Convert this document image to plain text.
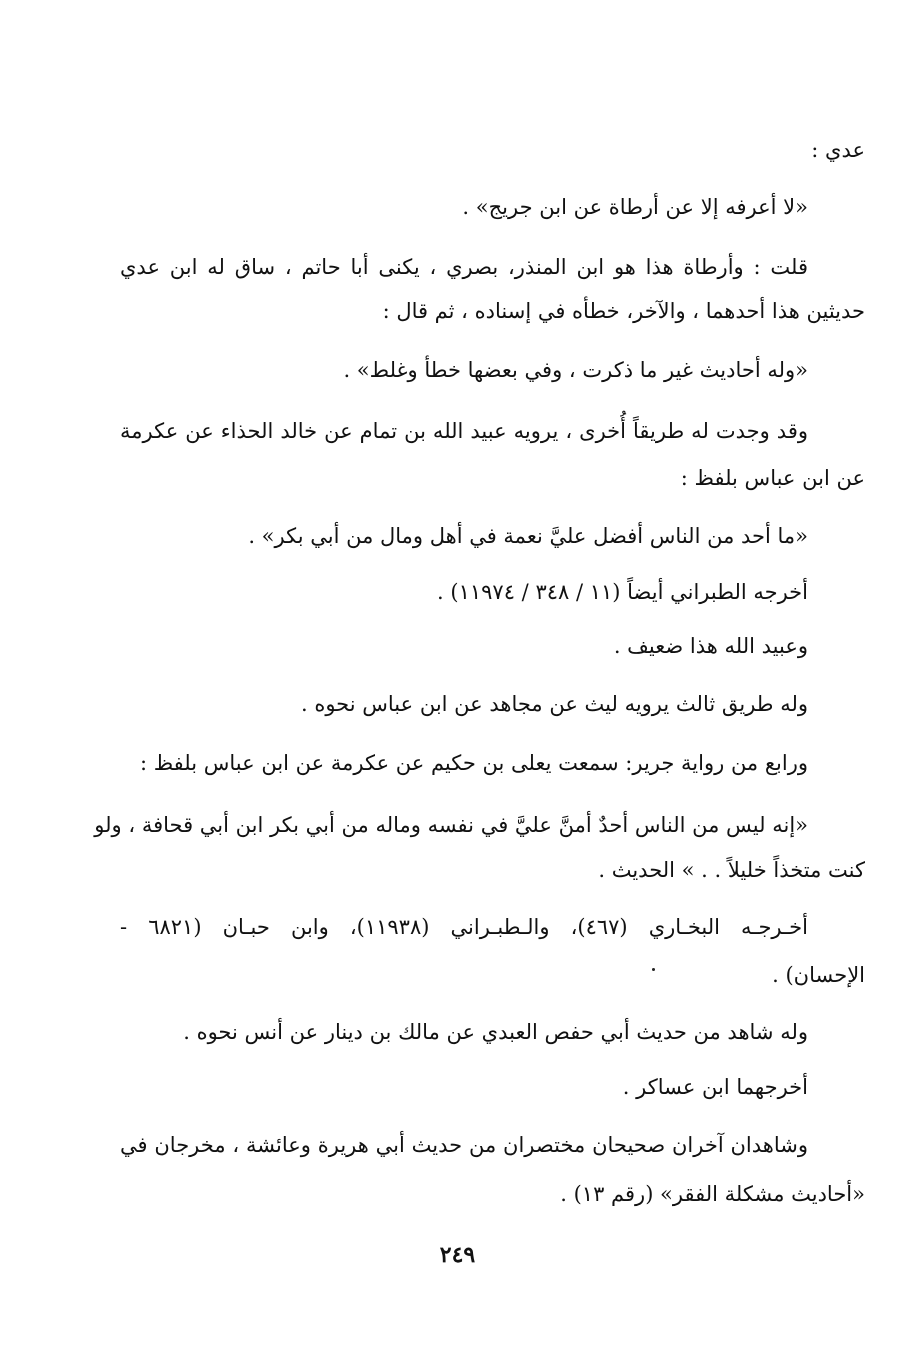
عدي :
«لا أعرفه إلا عن أرطاة عن ابن جريج» .
قلت : وأرطاة هذا هو ابن المنذر، بصري ، يكنى أبا حاتم ، ساق له ابن عدي
حديثين هذا أحدهما ، والآخر، خطأه في إسناده ، ثم قال :
«وله أحاديث غير ما ذكرت ، وفي بعضها خطأ وغلط» .
وقد وجدت له طريقاً أُخرى ، يرويه عبيد الله بن تمام عن خالد الحذاء عن عكرمة
عن ابن عباس بلفظ :
«ما أحد من الناس أفضل عليَّ نعمة في أهل ومال من أبي بكر» .
أخرجه الطبراني أيضاً (١١ / ٣٤٨ / ١١٩٧٤) .
وعبيد الله هذا ضعيف .
وله طريق ثالث يرويه ليث عن مجاهد عن ابن عباس نحوه .
ورابع من رواية جرير: سمعت يعلى بن حكيم عن عكرمة عن ابن عباس بلفظ :
«إنه ليس من الناس أحدٌ أمنَّ عليَّ في نفسه وماله من أبي بكر ابن أبي قحافة ، ولو
كنت متخذاً خليلاً . . » الحديث .
أخـرجـه البخـاري (٤٦٧)، والـطبـراني (١١٩٣٨)، وابن حبـان (٦٨٢١ -
الإحسان) .
وله شاهد من حديث أبي حفص العبدي عن مالك بن دينار عن أنس نحوه .
أخرجهما ابن عساكر .
وشاهدان آخران صحيحان مختصران من حديث أبي هريرة وعائشة ، مخرجان في
«أحاديث مشكلة الفقر» (رقم ١٣) .
٢٤٩
